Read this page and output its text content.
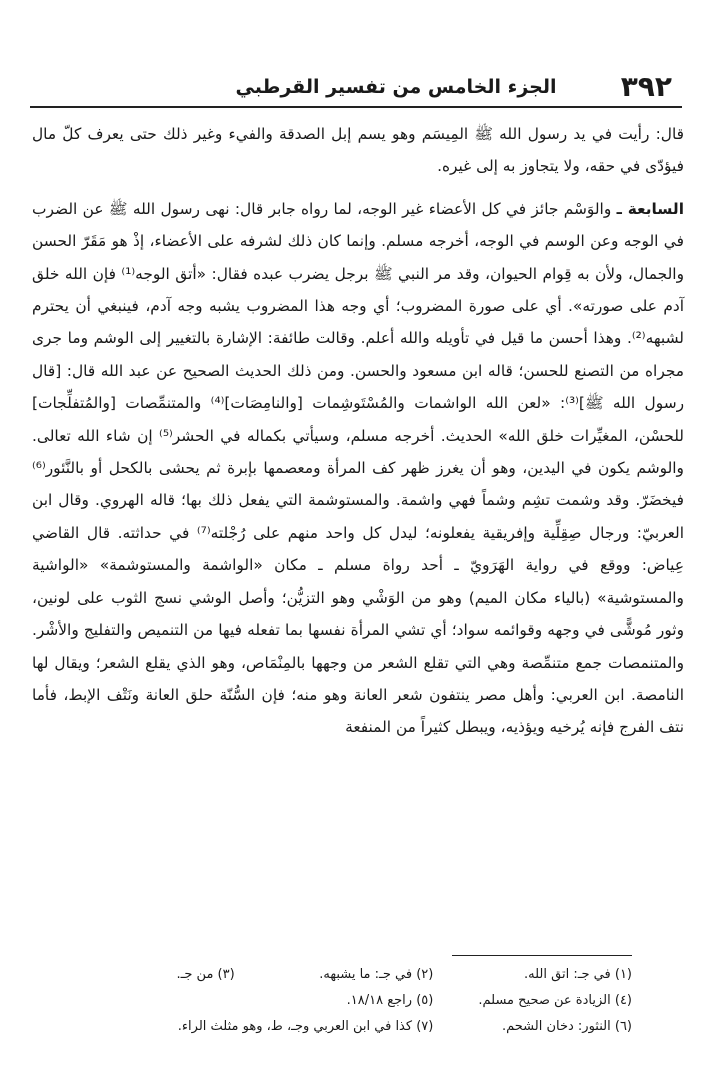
٣٩٢
الجزء الخامس من تفسير القرطبي

قال: رأيت في يد رسول الله ﷺ المِيسَم وهو يسم إبل الصدقة والفيء وغير ذلك حتى يعرف كلّ مال فيؤدّى في حقه، ولا يتجاوز به إلى غيره.

السابعة ـ والوَسْم جائز في كل الأعضاء غير الوجه، لما رواه جابر قال: نهى رسول الله ﷺ عن الضرب في الوجه وعن الوسم في الوجه، أخرجه مسلم. وإنما كان ذلك لشرفه على الأعضاء، إذْ هو مَقَرّ الحسن والجمال، ولأن به قِوام الحيوان، وقد مر النبي ﷺ برجل يضرب عبده فقال: «أتق الوجه⁽¹⁾ فإن الله خلق آدم على صورته». أي على صورة المضروب؛ أي وجه هذا المضروب يشبه وجه آدم، فينبغي أن يحترم لشبهه⁽²⁾. وهذا أحسن ما قيل في تأويله والله أعلم. وقالت طائفة: الإشارة بالتغيير إلى الوشم وما جرى مجراه من التصنع للحسن؛ قاله ابن مسعود والحسن. ومن ذلك الحديث الصحيح عن عبد الله قال: [قال رسول الله ﷺ]⁽³⁾: «لعن الله الواشمات والمُسْتَوشِمات [والنامِصَات]⁽⁴⁾ والمتنمِّصات [والمُتفلِّجات] للحسْن، المغيِّرات خلق الله» الحديث. أخرجه مسلم، وسيأتي بكماله في الحشر⁽⁵⁾ إن شاء الله تعالى. والوشم يكون في اليدين، وهو أن يغرز ظهر كف المرأة ومعصمها بإبرة ثم يحشى بالكحل أو بالنَّئور⁽⁶⁾ فيخضَرّ. وقد وشمت تشِم وشماً فهي واشمة. والمستوشمة التي يفعل ذلك بها؛ قاله الهروي. وقال ابن العربيّ: ورجال صِقِلِّية وإفريقية يفعلونه؛ ليدل كل واحد منهم على رُجْلته⁽⁷⁾ في حداثته. قال القاضي عِياض: ووقع في رواية الهَرَويّ ـ أحد رواة مسلم ـ مكان «الواشمة والمستوشمة» «الواشية والمستوشية» (بالياء مكان الميم) وهو من الوَشْي وهو التزيُّن؛ وأصل الوشي نسج الثوب على لونين، وثور مُوشًّى في وجهه وقوائمه سواد؛ أي تشي المرأة نفسها بما تفعله فيها من التنميص والتفليج والأشْر. والمتنمصات جمع متنمِّصة وهي التي تقلع الشعر من وجهها بالمِنْمَاص، وهو الذي يقلع الشعر؛ ويقال لها النامصة. ابن العربي: وأهل مصر ينتفون شعر العانة وهو منه؛ فإن السُّنّة حلق العانة ونَتْف الإبط، فأما نتف الفرج فإنه يُرخيه ويؤذيه، ويبطل كثيراً من المنفعة

(١) في جـ: اتق الله.
(٢) في جـ: ما يشبهه.
(٣) من جـ.
(٤) الزيادة عن صحيح مسلم.
(٥) راجع ١٨/١٨.
(٦) النثور: دخان الشحم.
(٧) كذا في ابن العربي وجـ، ط، وهو مثلث الراء.
